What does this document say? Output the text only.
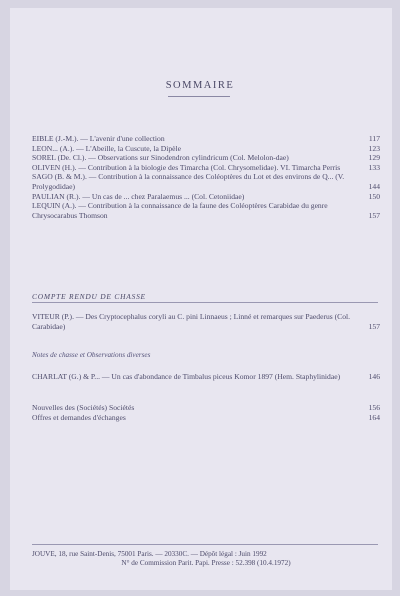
SOMMAIRE
EIBLE (J.-M.). — L'avenir d'une collection	117
LEON... (A.). — L'Abeille, la Cuscute, la Dipèle	123
SOREL (De. Cl.). — Observations sur Sinodendron cylindricum (Col. Melolon-dae)	129
OLIVEN (H.). — Contribution à la biologie des Timarcha (Col. Chrysomelidae). VI. Timarcha Perris	133
SAGO (B. & M.). — Contribution à la connaissance des Coléoptères du Lot et des environs de Q... (V. Prolygodidae)	144
PAULIAN (R.). — Un cas de ... chez Paralaemus ... (Col. Cetoniidae)	150
LEQUIN (A.). — Contribution à la connaissance de la faune des Coléoptères Carabidae du genre Chrysocarabus Thomson	157
COMPTE RENDU DE CHASSE
VITEUR (P.). — Des Cryptocephalus coryli au C. pini Linnaeus ; Linné et remarques sur Paederus (Col. Carabidae)	157
Notes de chasse et Observations diverses
CHARLAT (G.) & P... — Un cas d'abondance de Timbalus piceus Komor 1897 (Hem. Staphylinidae)	146
Nouvelles des (Sociétés) Sociétés	156
Offres et demandes d'échanges	164
JOUVE, 18, rue Saint-Denis, 75001 Paris. — 20330C. — Dépôt légal : Juin 1992
N° de Commission Parit. Papi. Presse : 52.398 (10.4.1972)
